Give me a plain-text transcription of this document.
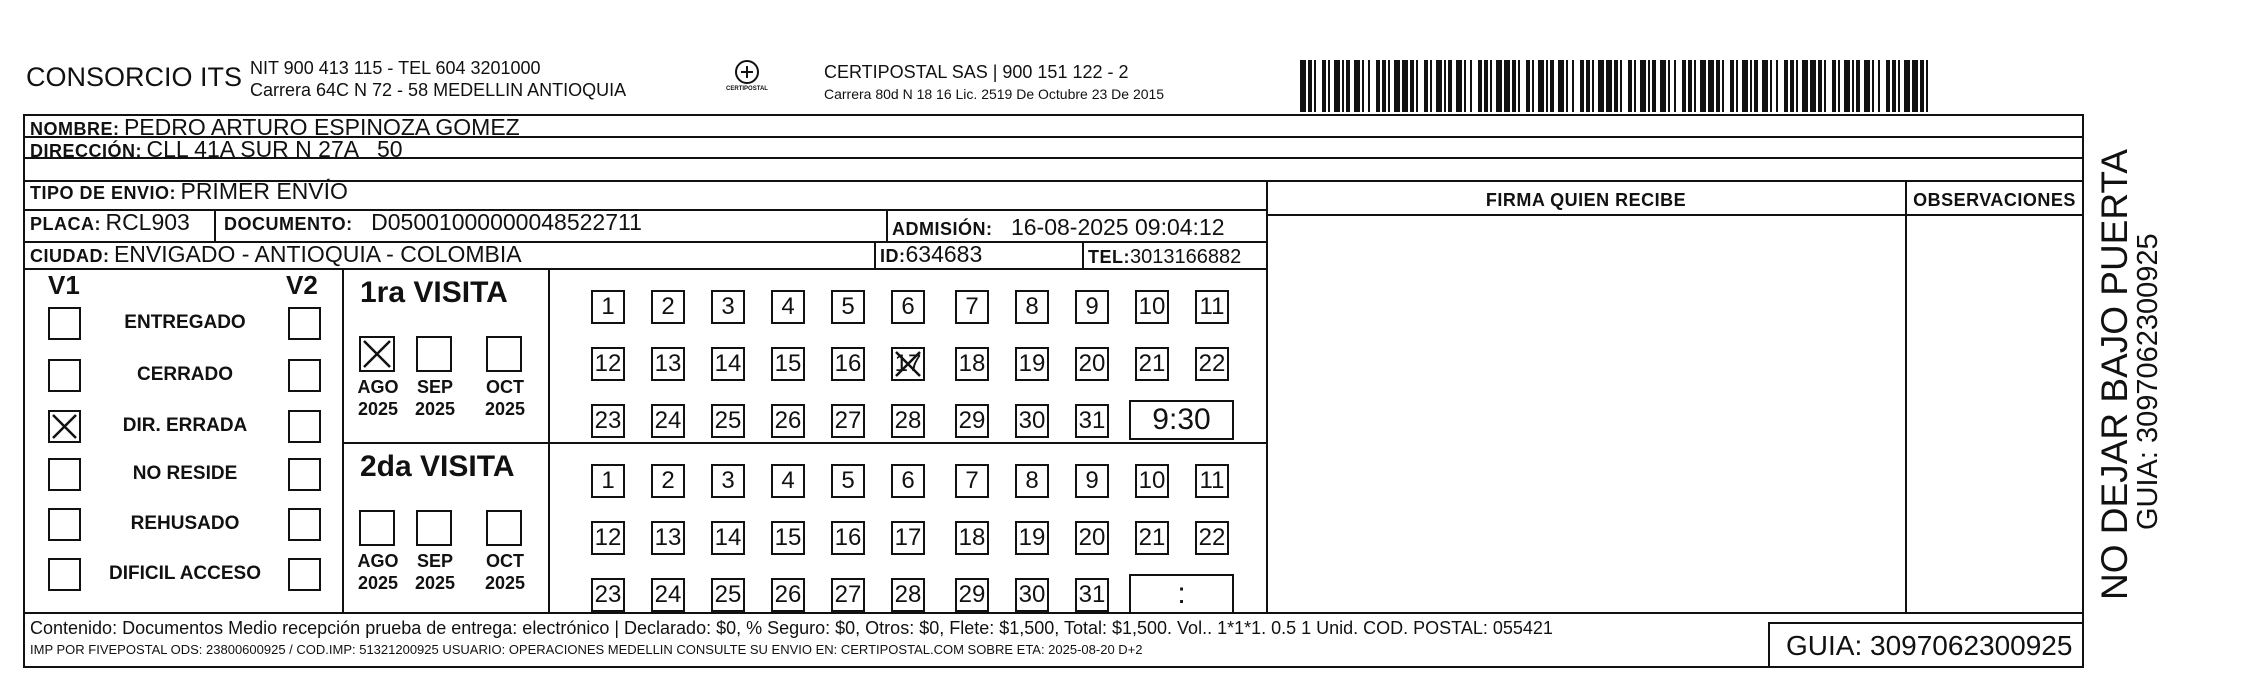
CONSORCIO ITS NIT 900 413 115 - TEL 604 3201000
Carrera 64C N 72 - 58 MEDELLIN ANTIOQUIA	CERTIPOSTAL
CERTIPOSTAL SAS | 900 151 122 - 2
Carrera 80d N 18 16 Lic. 2519 De Octubre 23 De 2015
NOMBRE: PEDRO ARTURO ESPINOZA GOMEZ
DIRECCIÓN: CLL 41A SUR N 27A   50
TIPO DE ENVIO: PRIMER ENVÍO
PLACA: RCL903 DOCUMENTO: D05001000000048522711	ADMISIÓN: 16-08-2025 09:04:12
CIUDAD: ENVIGADO - ANTIOQUIA - COLOMBIA	ID:634683	TEL:3013166882
FIRMA QUIEN RECIBE	OBSERVACIONES
Contenido: Documentos Medio recepción prueba de entrega: electrónico | Declarado: $0, % Seguro: $0, Otros: $0, Flete: $1,500, Total: $1,500. Vol.. 1*1*1. 0.5 1 Unid. COD. POSTAL: 055421
IMP POR FIVEPOSTAL ODS: 23800600925 / COD.IMP: 51321200925 USUARIO: OPERACIONES MEDELLIN CONSULTE SU ENVIO EN: CERTIPOSTAL.COM SOBRE ETA: 2025-08-20 D+2	GUIA: 3097062300925
NO DEJAR BAJO PUERTA
GUIA: 3097062300925
V1	V2
ENTREGADO
CERRADO
DIR. ERRADA
NO RESIDE
REHUSADO
DIFICIL ACCESO
1ra VISITA
AGO
2025
SEP
2025
OCT
2025
1	2	3	4	5	6	7	8	9	10 11
12 13 14 15 16 17 18 19 20 21 22
23 24 25 26 27 28 29 30 31	9:30
2da VISITA
AGO
2025
SEP
2025
OCT
2025
1	2	3	4	5	6	7	8	9	10 11
12 13 14 15 16 17 18 19 20 21 22
23 24 25 26 27 28 29 30 31	:
